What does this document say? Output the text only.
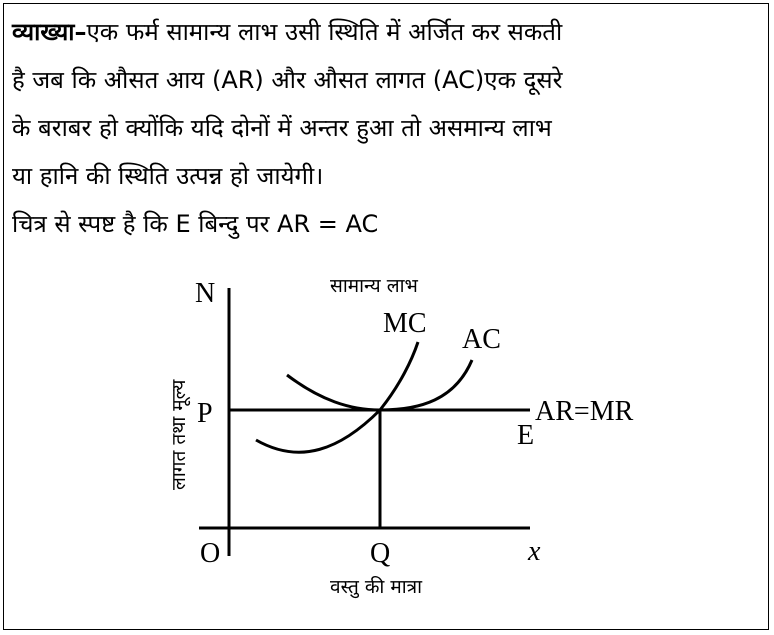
व्याख्या–एक फर्म सामान्य लाभ उसी स्थिति में अर्जित कर सकती
है जब कि औसत आय (AR) और औसत लागत (AC)एक दूसरे
के बराबर हो क्योंकि यदि दोनों में अन्तर हुआ तो असमान्य लाभ
या हानि की स्थिति उत्पन्न हो जायेगी।
चित्र से स्पष्ट है कि E बिन्दु पर AR = AC
N	सामान्य लाभ
MC
AC
P
E
AR=MR
O	Q	x
वस्तु की मात्रा
लागत तथा मूल्य
